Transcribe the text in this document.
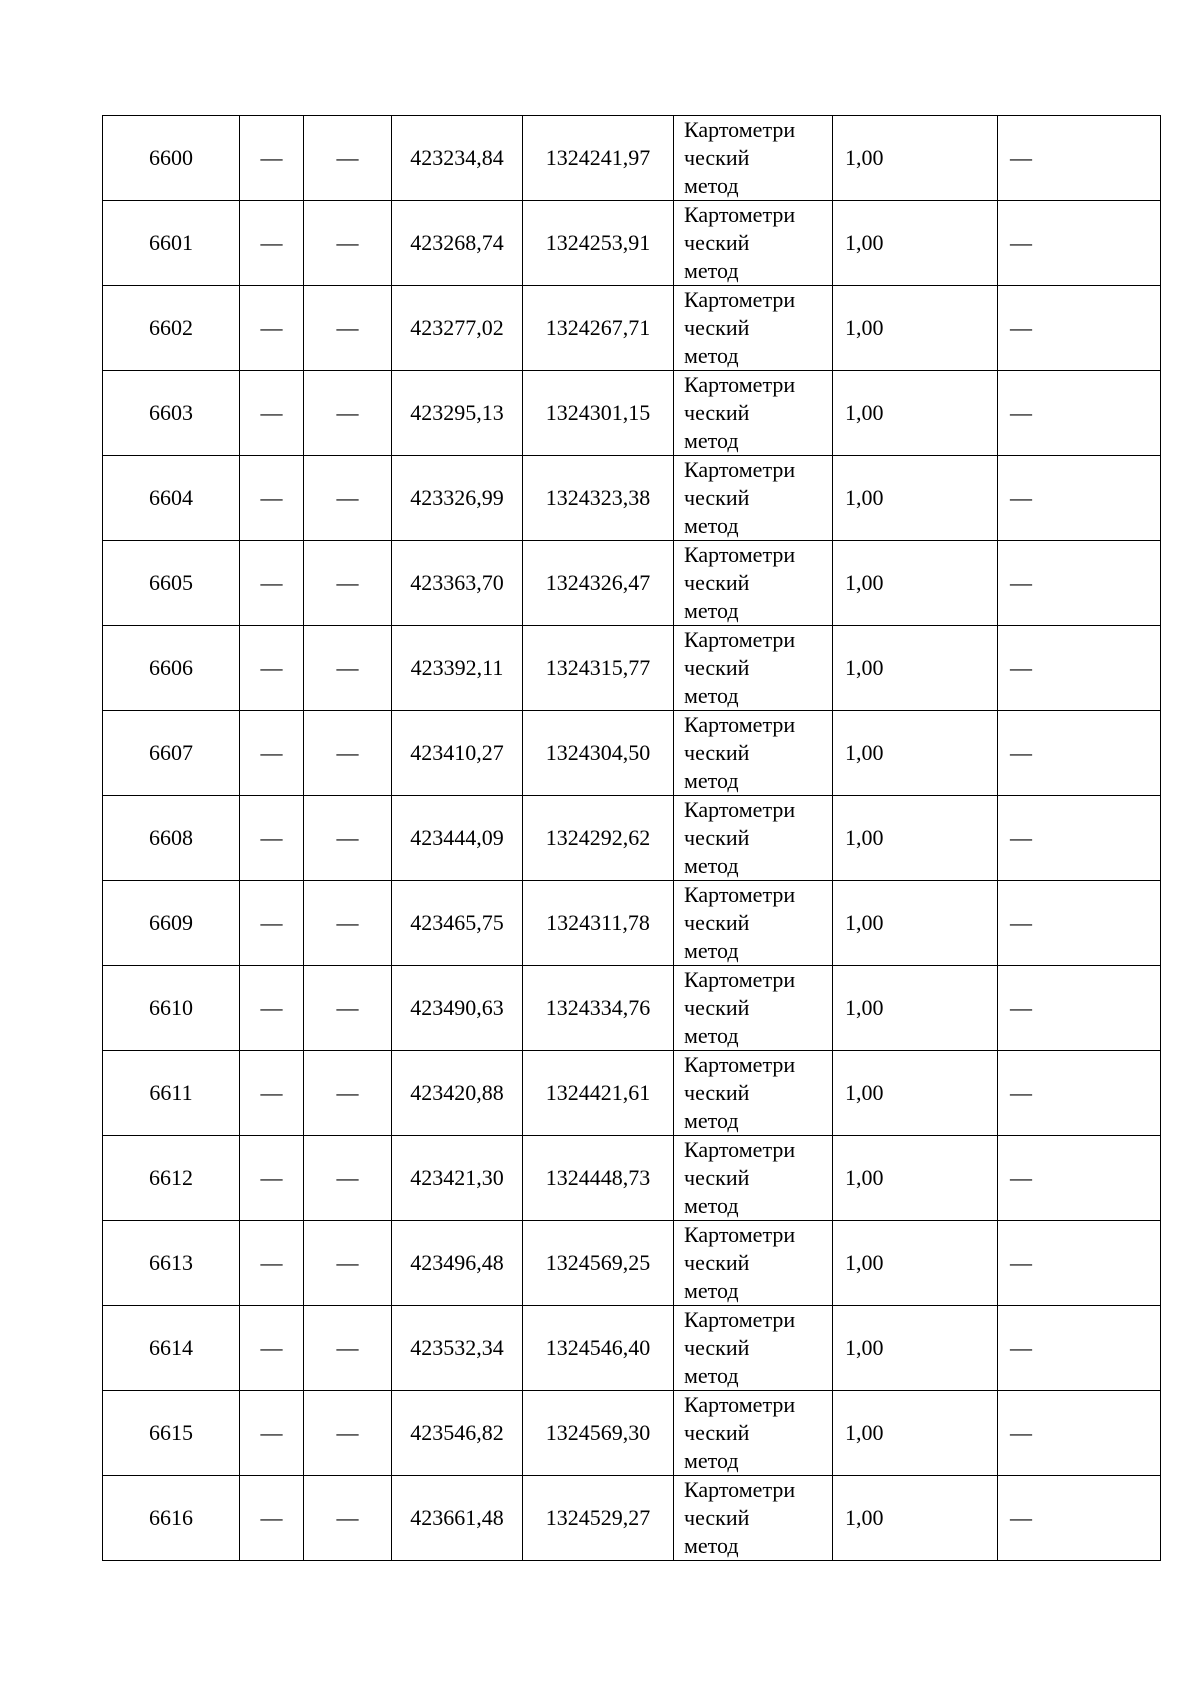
6600	—	—	423234,84	1324241,97	Картометри
ческий
метод	1,00	—
6601	—	—	423268,74	1324253,91	Картометри
ческий
метод	1,00	—
6602	—	—	423277,02	1324267,71	Картометри
ческий
метод	1,00	—
6603	—	—	423295,13	1324301,15	Картометри
ческий
метод	1,00	—
6604	—	—	423326,99	1324323,38	Картометри
ческий
метод	1,00	—
6605	—	—	423363,70	1324326,47	Картометри
ческий
метод	1,00	—
6606	—	—	423392,11	1324315,77	Картометри
ческий
метод	1,00	—
6607	—	—	423410,27	1324304,50	Картометри
ческий
метод	1,00	—
6608	—	—	423444,09	1324292,62	Картометри
ческий
метод	1,00	—
6609	—	—	423465,75	1324311,78	Картометри
ческий
метод	1,00	—
6610	—	—	423490,63	1324334,76	Картометри
ческий
метод	1,00	—
6611	—	—	423420,88	1324421,61	Картометри
ческий
метод	1,00	—
6612	—	—	423421,30	1324448,73	Картометри
ческий
метод	1,00	—
6613	—	—	423496,48	1324569,25	Картометри
ческий
метод	1,00	—
6614	—	—	423532,34	1324546,40	Картометри
ческий
метод	1,00	—
6615	—	—	423546,82	1324569,30	Картометри
ческий
метод	1,00	—
6616	—	—	423661,48	1324529,27	Картометри
ческий
метод	1,00	—
